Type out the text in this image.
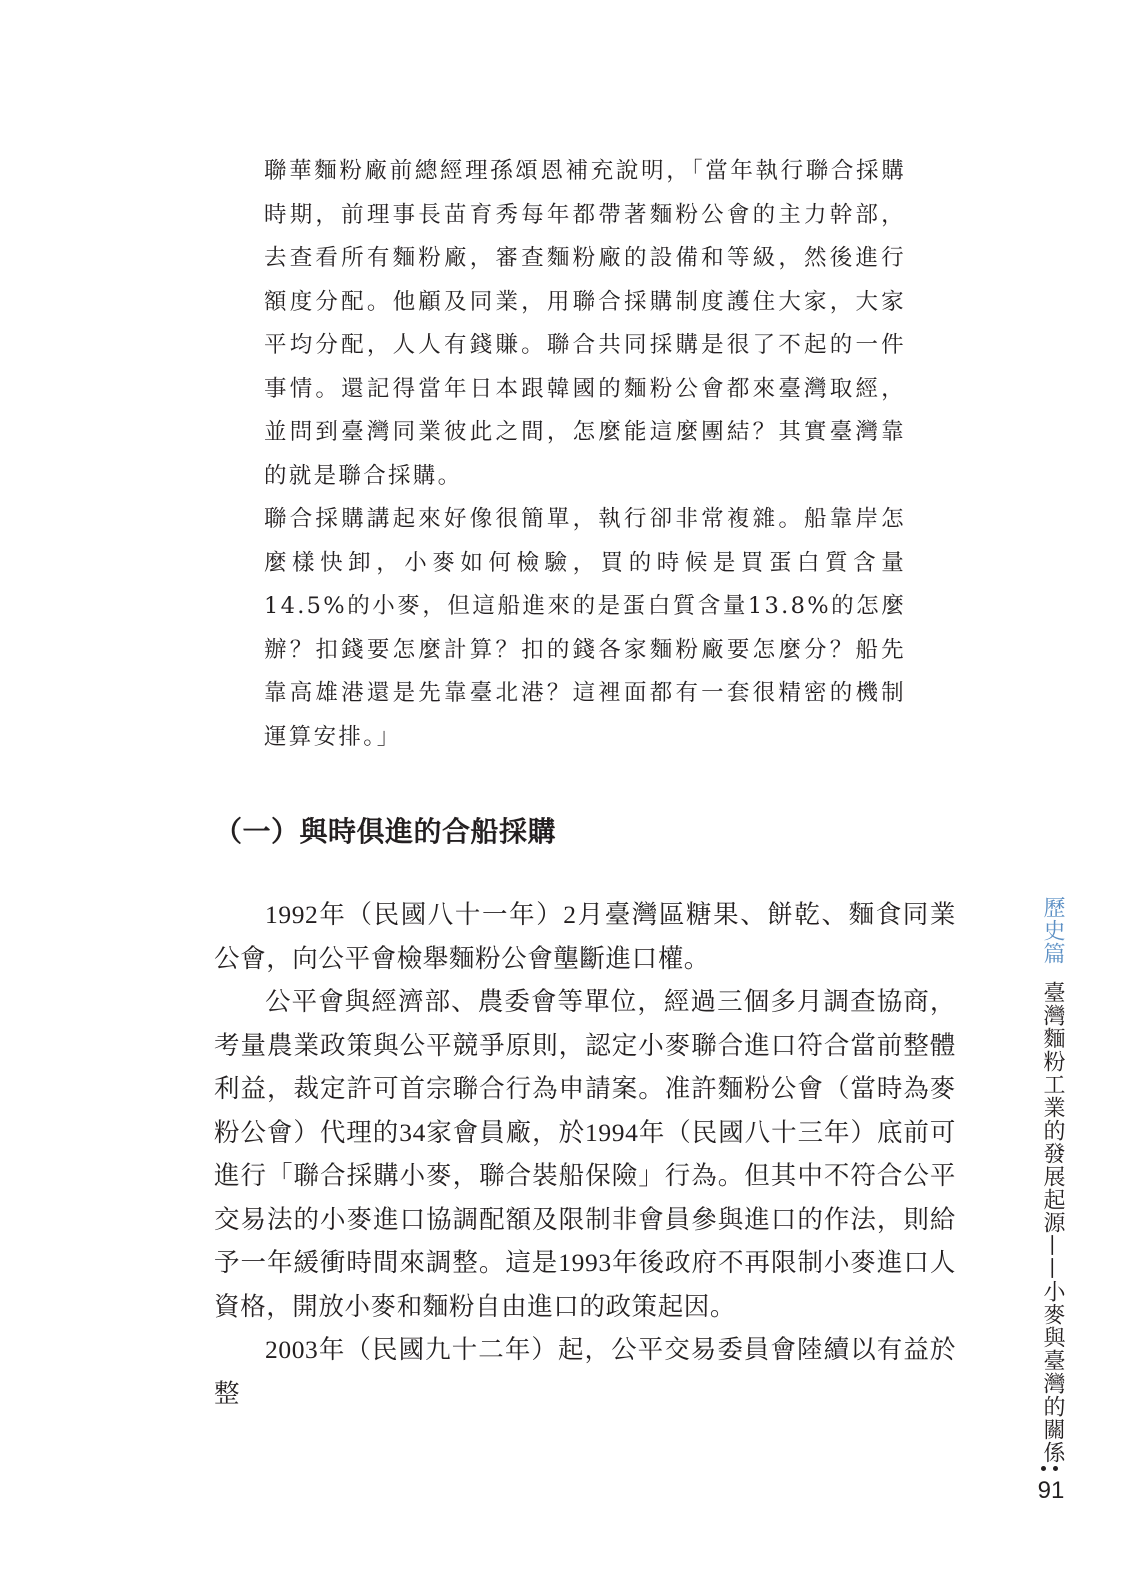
聯華麵粉廠前總經理孫頌恩補充說明，「當年執行聯合採購時期，前理事長苗育秀每年都帶著麵粉公會的主力幹部，去查看所有麵粉廠，審查麵粉廠的設備和等級，然後進行額度分配。他顧及同業，用聯合採購制度護住大家，大家平均分配，人人有錢賺。聯合共同採購是很了不起的一件事情。還記得當年日本跟韓國的麵粉公會都來臺灣取經，並問到臺灣同業彼此之間，怎麼能這麼團結？其實臺灣靠的就是聯合採購。

聯合採購講起來好像很簡單，執行卻非常複雜。船靠岸怎麼樣快卸，小麥如何檢驗，買的時候是買蛋白質含量14.5%的小麥，但這船進來的是蛋白質含量13.8%的怎麼辦？扣錢要怎麼計算？扣的錢各家麵粉廠要怎麼分？船先靠高雄港還是先靠臺北港？這裡面都有一套很精密的機制運算安排。」

（一）與時俱進的合船採購

1992年（民國八十一年）2月臺灣區糖果、餅乾、麵食同業公會，向公平會檢舉麵粉公會壟斷進口權。

公平會與經濟部、農委會等單位，經過三個多月調查協商，考量農業政策與公平競爭原則，認定小麥聯合進口符合當前整體利益，裁定許可首宗聯合行為申請案。准許麵粉公會（當時為麥粉公會）代理的34家會員廠，於1994年（民國八十三年）底前可進行「聯合採購小麥，聯合裝船保險」行為。但其中不符合公平交易法的小麥進口協調配額及限制非會員參與進口的作法，則給予一年緩衝時間來調整。這是1993年後政府不再限制小麥進口人資格，開放小麥和麵粉自由進口的政策起因。

2003年（民國九十二年）起，公平交易委員會陸續以有益於整

歷史篇臺灣麵粉工業的發展起源——小麥與臺灣的關係
91
